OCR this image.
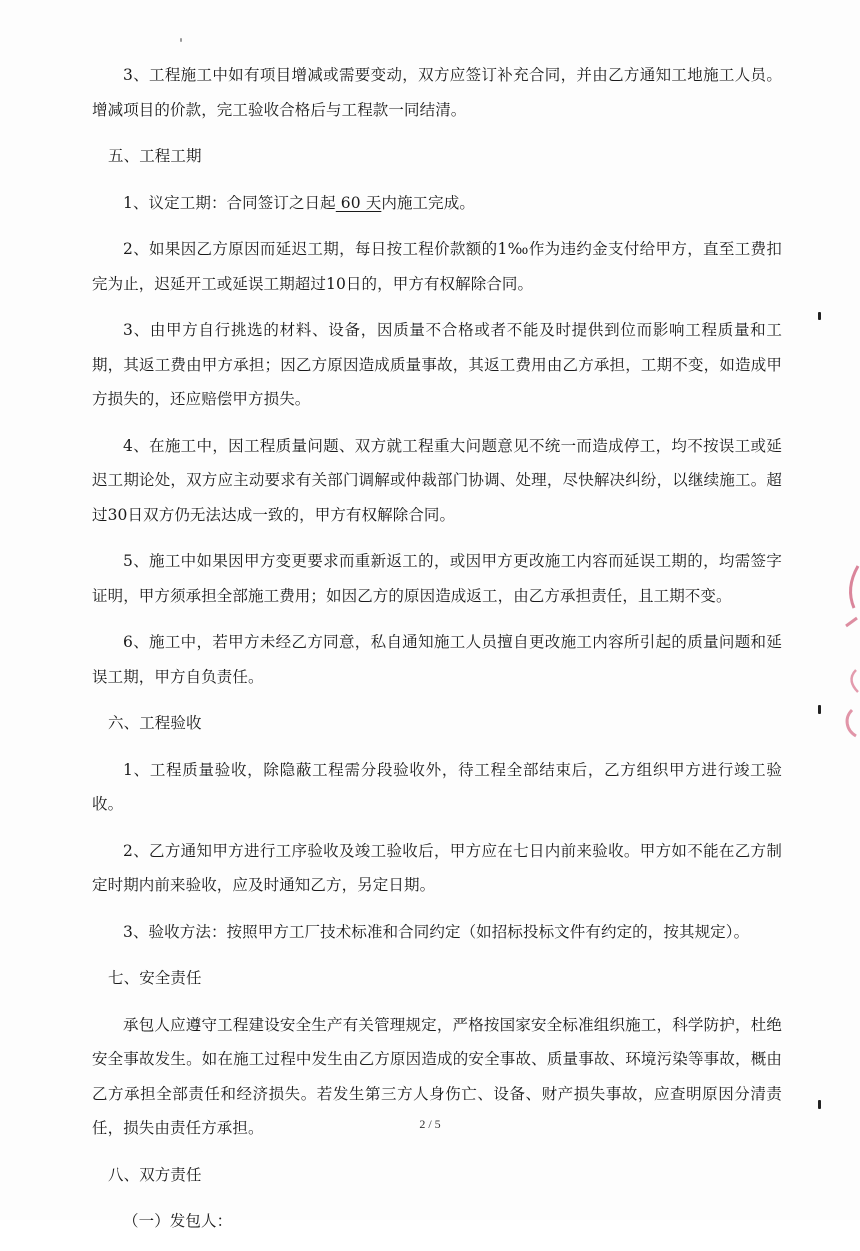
3、工程施工中如有项目增减或需要变动，双方应签订补充合同，并由乙方通知工地施工人员。增减项目的价款，完工验收合格后与工程款一同结清。

五、工程工期

1、议定工期：合同签订之日起 60 天内施工完成。

2、如果因乙方原因而延迟工期，每日按工程价款额的1‰作为违约金支付给甲方，直至工费扣完为止，迟延开工或延误工期超过10日的，甲方有权解除合同。

3、由甲方自行挑选的材料、设备，因质量不合格或者不能及时提供到位而影响工程质量和工期，其返工费由甲方承担；因乙方原因造成质量事故，其返工费用由乙方承担，工期不变，如造成甲方损失的，还应赔偿甲方损失。

4、在施工中，因工程质量问题、双方就工程重大问题意见不统一而造成停工，均不按误工或延迟工期论处，双方应主动要求有关部门调解或仲裁部门协调、处理，尽快解决纠纷，以继续施工。超过30日双方仍无法达成一致的，甲方有权解除合同。

5、施工中如果因甲方变更要求而重新返工的，或因甲方更改施工内容而延误工期的，均需签字证明，甲方须承担全部施工费用；如因乙方的原因造成返工，由乙方承担责任，且工期不变。

6、施工中，若甲方未经乙方同意，私自通知施工人员擅自更改施工内容所引起的质量问题和延误工期，甲方自负责任。

六、工程验收

1、工程质量验收，除隐蔽工程需分段验收外，待工程全部结束后，乙方组织甲方进行竣工验收。

2、乙方通知甲方进行工序验收及竣工验收后，甲方应在七日内前来验收。甲方如不能在乙方制定时期内前来验收，应及时通知乙方，另定日期。

3、验收方法：按照甲方工厂技术标准和合同约定（如招标投标文件有约定的，按其规定）。

七、安全责任

承包人应遵守工程建设安全生产有关管理规定，严格按国家安全标准组织施工，科学防护，杜绝安全事故发生。如在施工过程中发生由乙方原因造成的安全事故、质量事故、环境污染等事故，概由乙方承担全部责任和经济损失。若发生第三方人身伤亡、设备、财产损失事故，应查明原因分清责任，损失由责任方承担。

八、双方责任

（一）发包人：

2 / 5
